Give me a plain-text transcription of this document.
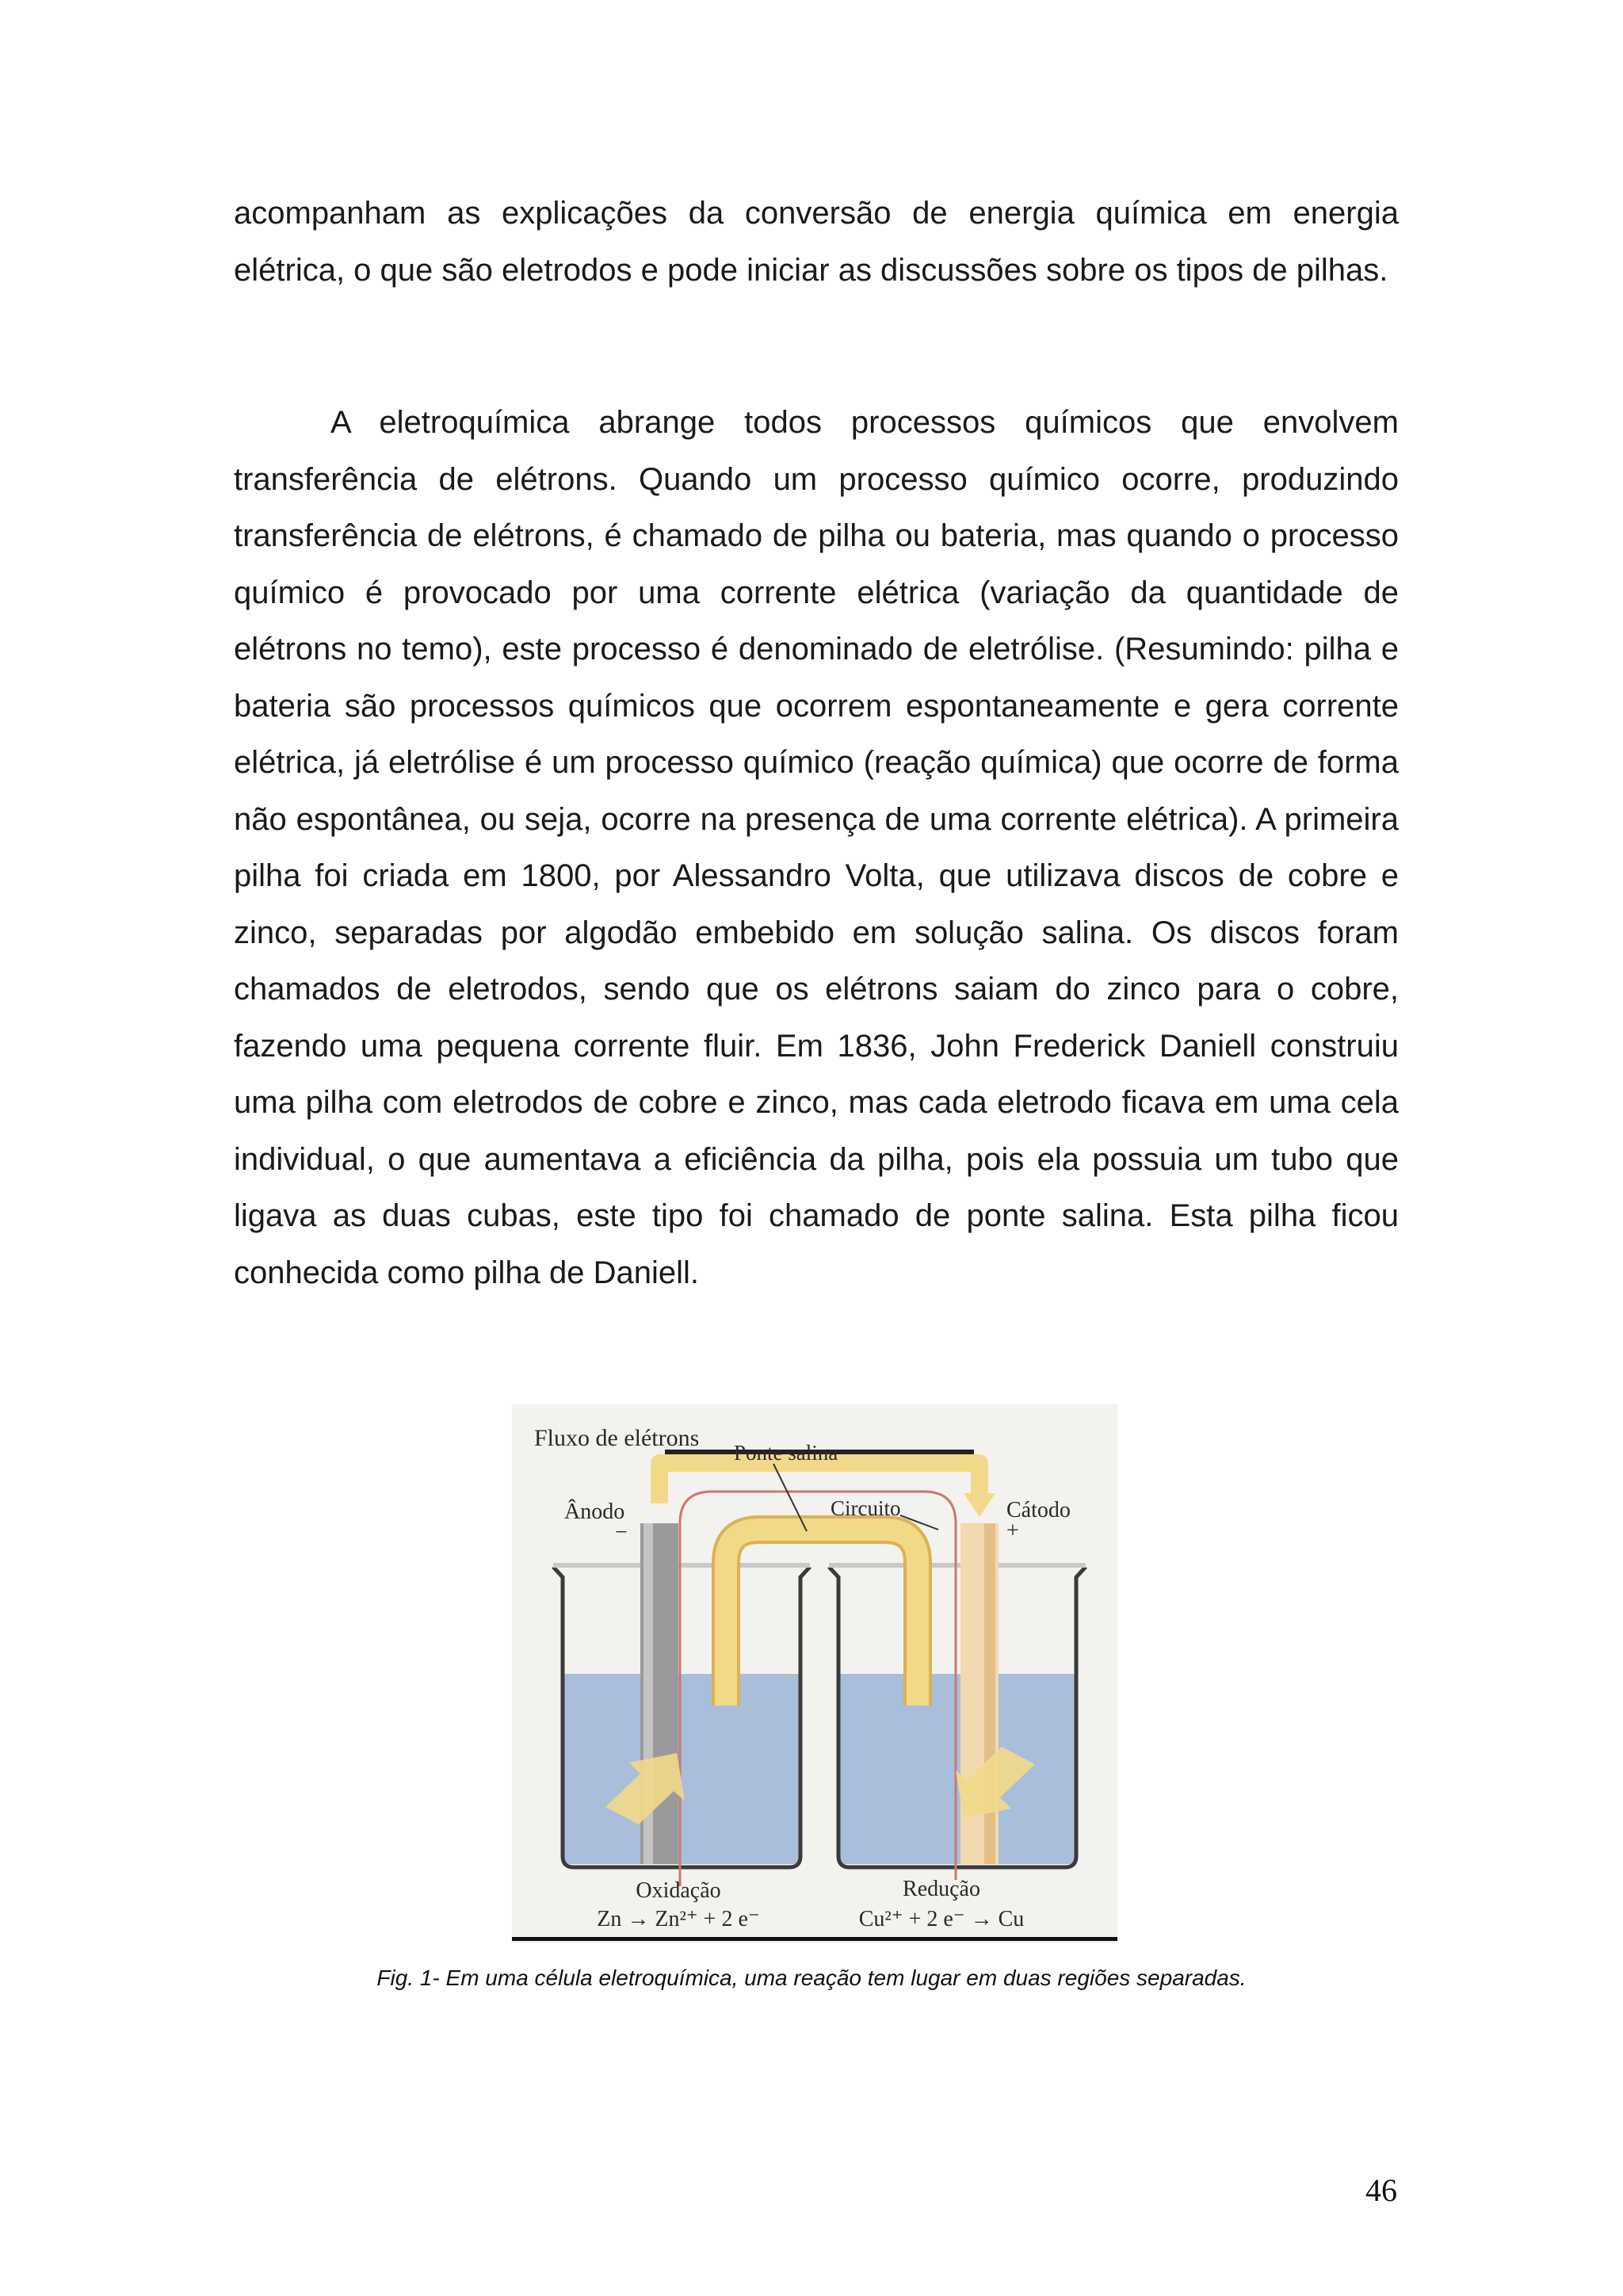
acompanham as explicações da conversão de energia química em energia elétrica, o que são eletrodos e pode iniciar as discussões sobre os tipos de pilhas.

A eletroquímica abrange todos processos químicos que envolvem transferência de elétrons. Quando um processo químico ocorre, produzindo transferência de elétrons, é chamado de pilha ou bateria, mas quando o processo químico é provocado por uma corrente elétrica (variação da quantidade de elétrons no temo), este processo é denominado de eletrólise. (Resumindo: pilha e bateria são processos químicos que ocorrem espontaneamente e gera corrente elétrica, já eletrólise é um processo químico (reação química) que ocorre de forma não espontânea, ou seja, ocorre na presença de uma corrente elétrica). A primeira pilha foi criada em 1800, por Alessandro Volta, que utilizava discos de cobre e zinco, separadas por algodão embebido em solução salina. Os discos foram chamados de eletrodos, sendo que os elétrons saiam do zinco para o cobre, fazendo uma pequena corrente fluir. Em 1836, John Frederick Daniell construiu uma pilha com eletrodos de cobre e zinco, mas cada eletrodo ficava em uma cela individual, o que aumentava a eficiência da pilha, pois ela possuia um tubo que ligava as duas cubas, este tipo foi chamado de ponte salina. Esta pilha ficou conhecida como pilha de Daniell.

Fluxo de elétrons
Ponte salina
Circuito
Ânodo
−
Cátodo
+
Oxidação
Zn → Zn²⁺ + 2 e⁻
Redução
Cu²⁺ + 2 e⁻ → Cu
Fig. 1- Em uma célula eletroquímica, uma reação tem lugar em duas regiões separadas.
46
